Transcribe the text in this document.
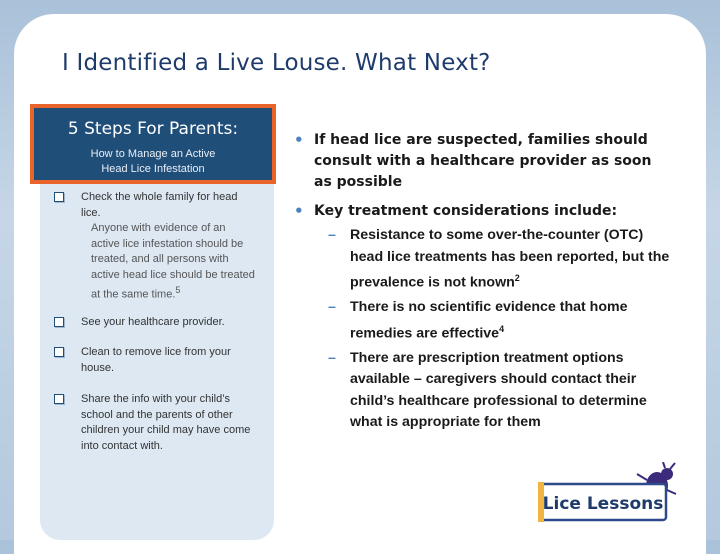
I Identified a Live Louse. What Next?
5 Steps For Parents:
How to Manage an Active
Head Lice Infestation
Check the whole family for head lice.
Anyone with evidence of an active lice infestation should be treated, and all persons with active head lice should be treated at the same time.$^5$
See your healthcare provider.
Clean to remove lice from your house.
Share the info with your child’s school and the parents of other children your child may have come into contact with.
• If head lice are suspected, families should consult with a healthcare provider as soon as possible
• Key treatment considerations include:
– Resistance to some over-the-counter (OTC) head lice treatments has been reported, but the prevalence is not known$^2$
– There is no scientific evidence that home remedies are effective$^4$
– There are prescription treatment options available – caregivers should contact their child’s healthcare professional to determine what is appropriate for them
Lice Lessons
